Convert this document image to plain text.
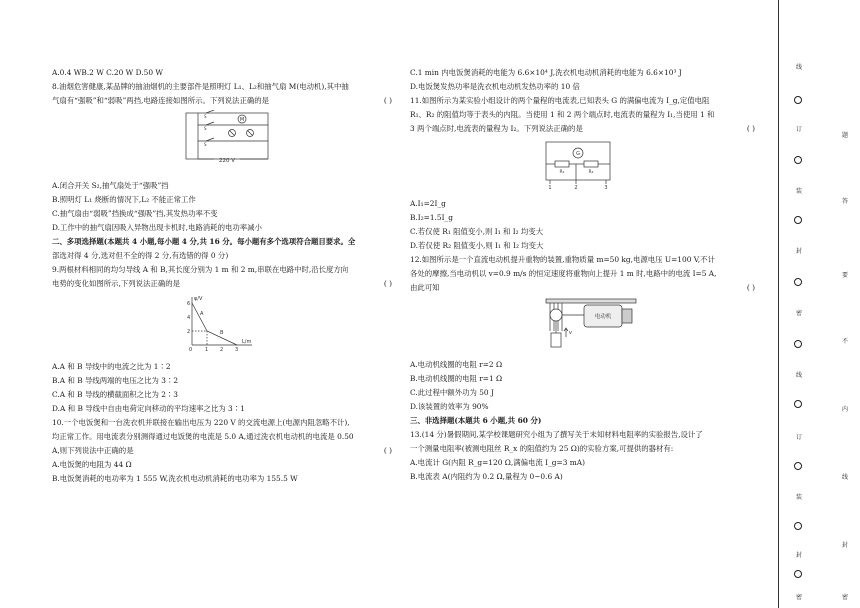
A.0.4 WB.2 W C.20 W D.50 W
8.油烟危害健康,某品牌的抽油烟机的主要部件是照明灯 L₁、L₂和抽气扇 M(电动机),其中抽
气扇有“强吸”和“弱吸”两挡,电路连接如图所示。下列说法正确的是	( )
M
S
S
S
220 V
A.闭合开关 S₂,抽气扇处于“强吸”挡
B.照明灯 L₁ 烧断的情况下,L₂ 不能正常工作
C.抽气扇由“弱吸”挡换成“强吸”挡,其发热功率不变
D.工作中的抽气扇因吸入异物出现卡机时,电路消耗的电功率减小
二、多项选择题(本题共 4 小题,每小题 4 分,共 16 分。每小题有多个选项符合题目要求。全
部选对得 4 分,选对但不全的得 2 分,有选错的得 0 分)
9.两根材料相同的均匀导线 A 和 B,其长度分别为 1 m 和 2 m,串联在电路中时,沿长度方向
电势的变化如图所示,下列说法正确的是	( )
φ/V
6
4
2
0	1 2 3
L/m
A
B
A.A 和 B 导线中的电流之比为 1∶2
B.A 和 B 导线两端的电压之比为 3∶2
C.A 和 B 导线的横截面积之比为 2∶3
D.A 和 B 导线中自由电荷定向移动的平均速率之比为 3∶1
10.一个电饭煲和一台洗衣机并联接在输出电压为 220 V 的交流电源上(电源内阻忽略不计),
均正常工作。用电流表分别测得通过电饭煲的电流是 5.0 A,通过洗衣机电动机的电流是 0.50
A,则下列说法中正确的是	( )
A.电饭煲的电阻为 44 Ω
B.电饭煲消耗的电功率为 1 555 W,洗衣机电动机消耗的电功率为 155.5 W
C.1 min 内电饭煲消耗的电能为 6.6×10⁴ J,洗衣机电动机消耗的电能为 6.6×10³ J
D.电饭煲发热功率是洗衣机电动机发热功率的 10 倍
11.如图所示为某实验小组设计的两个量程的电流表,已知表头 G 的满偏电流为 I_g,定值电阻
R₁、R₂ 的阻值均等于表头的内阻。当使用 1 和 2 两个端点时,电流表的量程为 I₁,当使用 1 和
3 两个端点时,电流表的量程为 I₂。下列说法正确的是	( )
G
R₁	R₂
1	2	3
A.I₁=2I_g
B.I₂=1.5I_g
C.若仅使 R₁ 阻值变小,则 I₁ 和 I₂ 均变大
D.若仅使 R₂ 阻值变小,则 I₁ 和 I₂ 均变大
12.如图所示是一个直流电动机提升重物的装置,重物质量 m=50 kg,电源电压 U=100 V,不计
各处的摩擦,当电动机以 v=0.9 m/s 的恒定速度将重物向上提升 1 m 时,电路中的电流 I=5 A,
由此可知	( )
电动机
v
A.电动机线圈的电阻 r=2 Ω
B.电动机线圈的电阻 r=1 Ω
C.此过程中额外功为 50 J
D.该装置的效率为 90%
三、非选择题(本题共 6 小题,共 60 分)
13.(14 分)暑假期间,某学校课题研究小组为了撰写关于未知材料电阻率的实验报告,设计了
一个测量电阻率(被测电阻丝 R_x 的阻值约为 25 Ω)的实验方案,可提供的器材有:
A.电流计 G(内阻 R_g=120 Ω,满偏电流 I_g=3 mA)
B.电流表 A(内阻约为 0.2 Ω,量程为 0~0.6 A)
线
订
题
装
答
封
要
密
不
线
内
订
装
线
封
封
密	密
